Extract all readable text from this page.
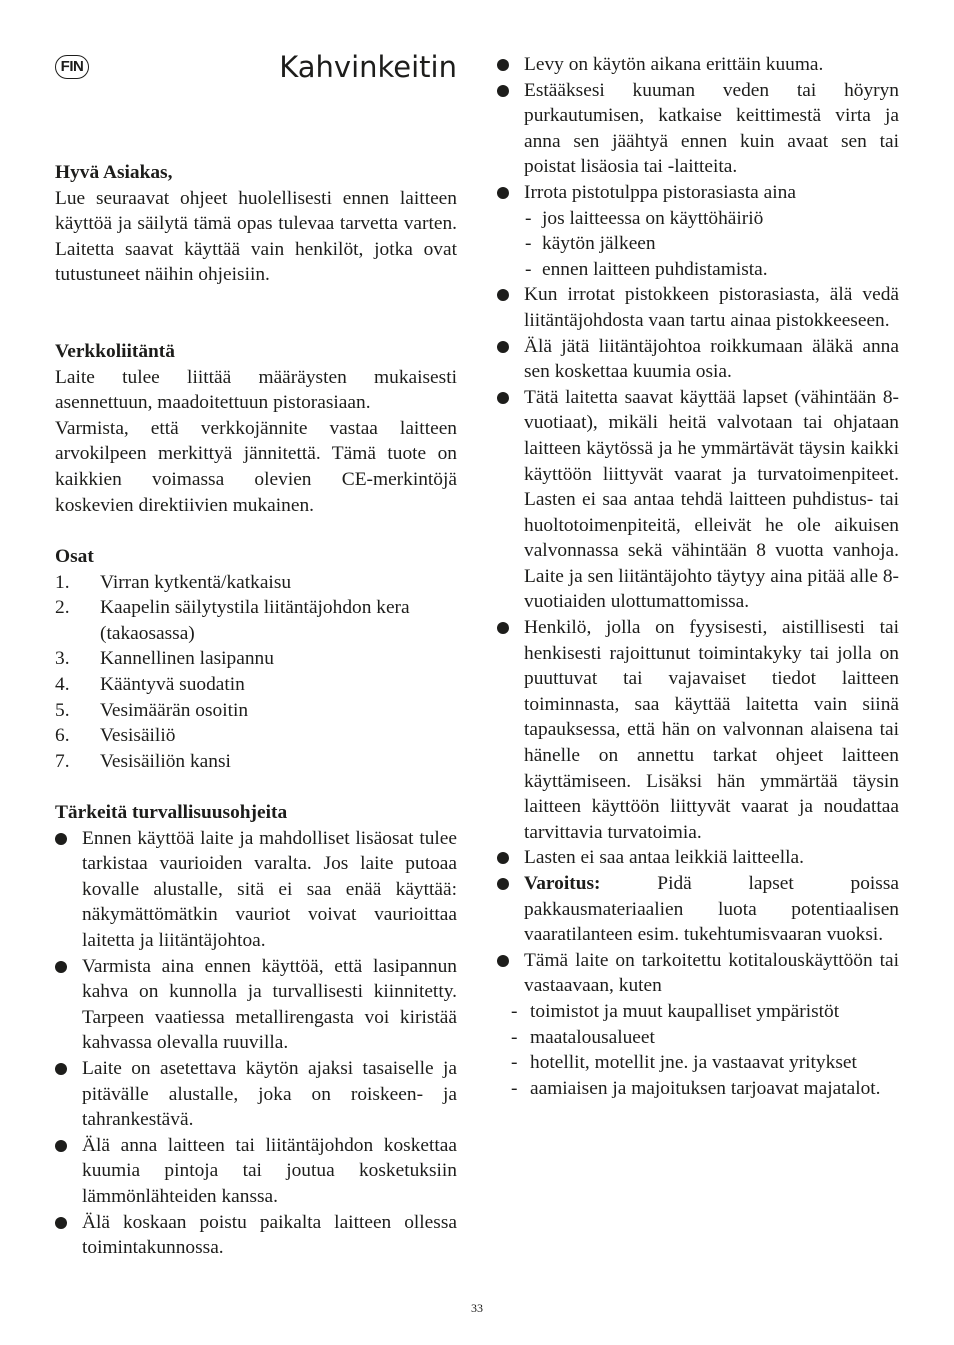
FIN	Kahvinkeitin
Hyvä Asiakas,

Lue seuraavat ohjeet huolellisesti ennen laitteen käyttöä ja säilytä tämä opas tulevaa tarvetta varten. Laitetta saavat käyttää vain henkilöt, jotka ovat tutustuneet näihin ohjeisiin.

Verkkoliitäntä

Laite tulee liittää määräysten mukaisesti asennettuun, maadoitettuun pistorasiaan.

Varmista, että verkkojännite vastaa laitteen arvokilpeen merkittyä jännitettä. Tämä tuote on kaikkien voimassa olevien CE-merkintöjä koskevien direktiivien mukainen.

Osat
1.	Virran kytkentä/katkaisu
2.	Kaapelin säilytystila liitäntäjohdon kera (takaosassa)
3.	Kannellinen lasipannu
4.	Kääntyvä suodatin
5.	Vesimäärän osoitin
6.	Vesisäiliö
7.	Vesisäiliön kansi
Tärkeitä turvallisuusohjeita
Ennen käyttöä laite ja mahdolliset lisäosat tulee tarkistaa vaurioiden varalta. Jos laite putoaa kovalle alustalle, sitä ei saa enää käyttää: näkymättömätkin vauriot voivat vaurioittaa laitetta ja liitäntäjohtoa.
Varmista aina ennen käyttöä, että lasipannun kahva on kunnolla ja turvallisesti kiinnitetty. Tarpeen vaatiessa metallirengasta voi kiristää kahvassa olevalla ruuvilla.
Laite on asetettava käytön ajaksi tasaiselle ja pitävälle alustalle, joka on roiskeen- ja tahrankestävä.
Älä anna laitteen tai liitäntäjohdon koskettaa kuumia pintoja tai joutua kosketuksiin lämmönlähteiden kanssa.
Älä koskaan poistu paikalta laitteen ollessa toimintakunnossa.
Levy on käytön aikana erittäin kuuma.
Estääksesi kuuman veden tai höyryn purkautumisen, katkaise keittimestä virta ja anna sen jäähtyä ennen kuin avaat sen tai poistat lisäosia tai -laitteita.
Irrota pistotulppa pistorasiasta aina
- jos laitteessa on käyttöhäiriö
- käytön jälkeen
- ennen laitteen puhdistamista.
Kun irrotat pistokkeen pistorasiasta, älä vedä liitäntäjohdosta vaan tartu ainaa pistokkeeseen.
Älä jätä liitäntäjohtoa roikkumaan äläkä anna sen koskettaa kuumia osia.
Tätä laitetta saavat käyttää lapset (vähintään 8-vuotiaat), mikäli heitä valvotaan tai ohjataan laitteen käytössä ja he ymmärtävät täysin kaikki käyttöön liittyvät vaarat ja turvatoimenpiteet. Lasten ei saa antaa tehdä laitteen puhdistus- tai huoltotoimenpiteitä, elleivät he ole aikuisen valvonnassa sekä vähintään 8 vuotta vanhoja. Laite ja sen liitäntäjohto täytyy aina pitää alle 8-vuotiaiden ulottumattomissa.
Henkilö, jolla on fyysisesti, aistillisesti tai henkisesti rajoittunut toimintakyky tai jolla on puuttuvat tai vajavaiset tiedot laitteen toiminnasta, saa käyttää laitetta vain siinä tapauksessa, että hän on valvonnan alaisena tai hänelle on annettu tarkat ohjeet laitteen käyttämiseen. Lisäksi hän ymmärtää täysin laitteen käyttöön liittyvät vaarat ja noudattaa tarvittavia turvatoimia.
Lasten ei saa antaa leikkiä laitteella.
Varoitus:	Pidä lapset poissa pakkausmateriaalien luota potentiaalisen vaaratilanteen esim. tukehtumisvaaran vuoksi.
Tämä laite on tarkoitettu kotitalouskäyttöön tai vastaavaan, kuten
- toimistot ja muut kaupalliset ympäristöt
- maatalousalueet
- hotellit, motellit jne. ja vastaavat yritykset
- aamiaisen ja majoituksen tarjoavat majatalot.
33
